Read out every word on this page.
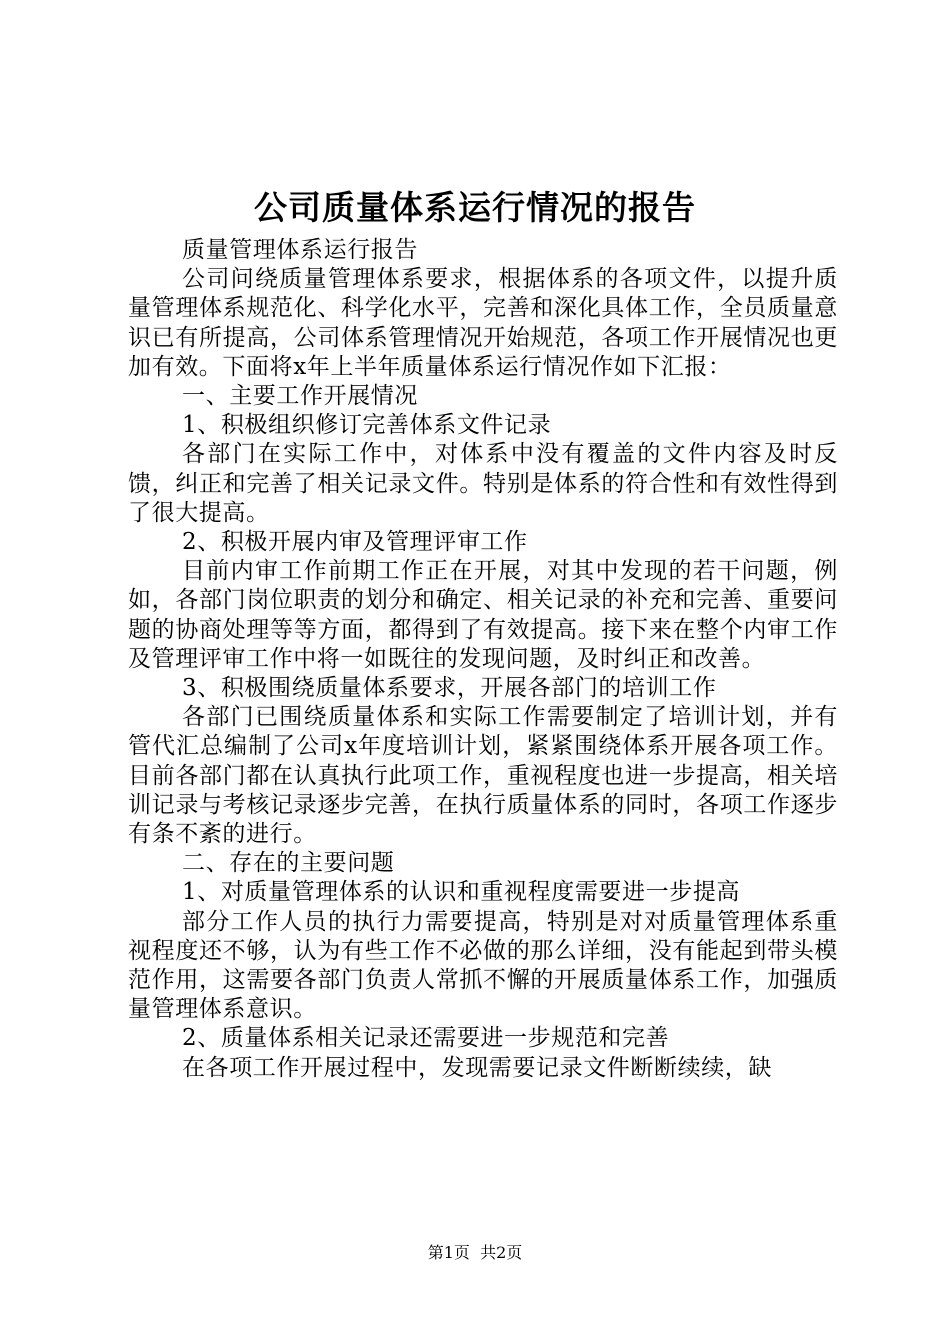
公司质量体系运行情况的报告

质量管理体系运行报告

公司问绕质量管理体系要求，根据体系的各项文件，以提升质量管理体系规范化、科学化水平，完善和深化具体工作，全员质量意识已有所提高，公司体系管理情况开始规范，各项工作开展情况也更加有效。下面将x年上半年质量体系运行情况作如下汇报：

一、主要工作开展情况

1、积极组织修订完善体系文件记录

各部门在实际工作中，对体系中没有覆盖的文件内容及时反馈，纠正和完善了相关记录文件。特别是体系的符合性和有效性得到了很大提高。

2、积极开展内审及管理评审工作

目前内审工作前期工作正在开展，对其中发现的若干问题，例如，各部门岗位职责的划分和确定、相关记录的补充和完善、重要问题的协商处理等等方面，都得到了有效提高。接下来在整个内审工作及管理评审工作中将一如既往的发现问题，及时纠正和改善。

3、积极围绕质量体系要求，开展各部门的培训工作

各部门已围绕质量体系和实际工作需要制定了培训计划，并有管代汇总编制了公司x年度培训计划，紧紧围绕体系开展各项工作。目前各部门都在认真执行此项工作，重视程度也进一步提高，相关培训记录与考核记录逐步完善，在执行质量体系的同时，各项工作逐步有条不紊的进行。

二、存在的主要问题

1、对质量管理体系的认识和重视程度需要进一步提高

部分工作人员的执行力需要提高，特别是对对质量管理体系重视程度还不够，认为有些工作不必做的那么详细，没有能起到带头模范作用，这需要各部门负责人常抓不懈的开展质量体系工作，加强质量管理体系意识。

2、质量体系相关记录还需要进一步规范和完善

在各项工作开展过程中，发现需要记录文件断断续续，缺

第1页 共2页
